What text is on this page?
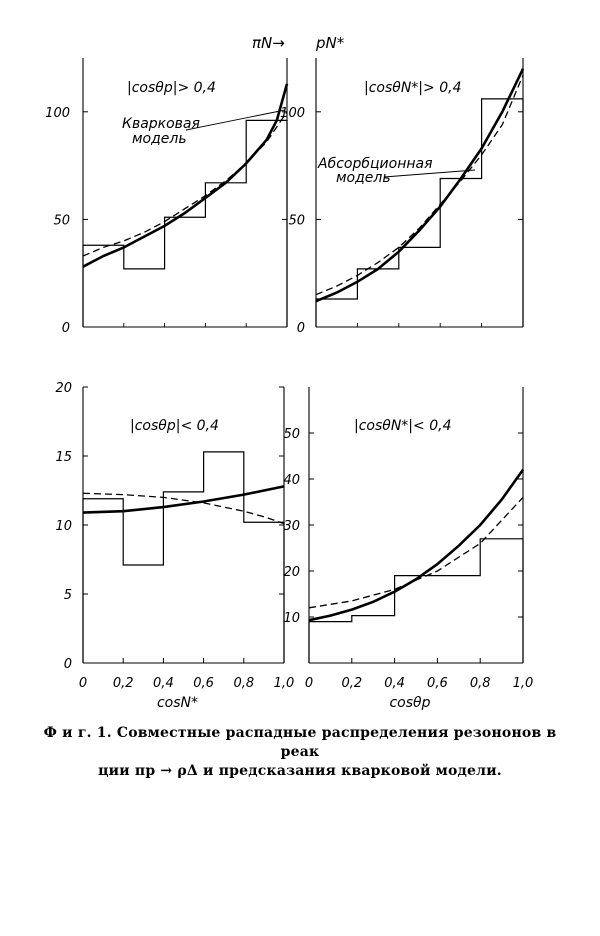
πN→ pN*
0
50
100
|cosθp|> 0,4
0
50
100
|cosθN*|> 0,4
0
5
10
15
20
0 0,2 0,4 0,6 0,8 1,0
|cosθp|< 0,4
cosN*
10
20
30
40
50
0 0,2 0,4 0,6 0,8 1,0
|cosθN*|< 0,4
cosθp
Кварковая
модель
Абсорбционная
модель
Ф и г. 1. Совместные распадные распределения резононов в реак
ции πp → ρΔ и предсказания кварковой модели.
